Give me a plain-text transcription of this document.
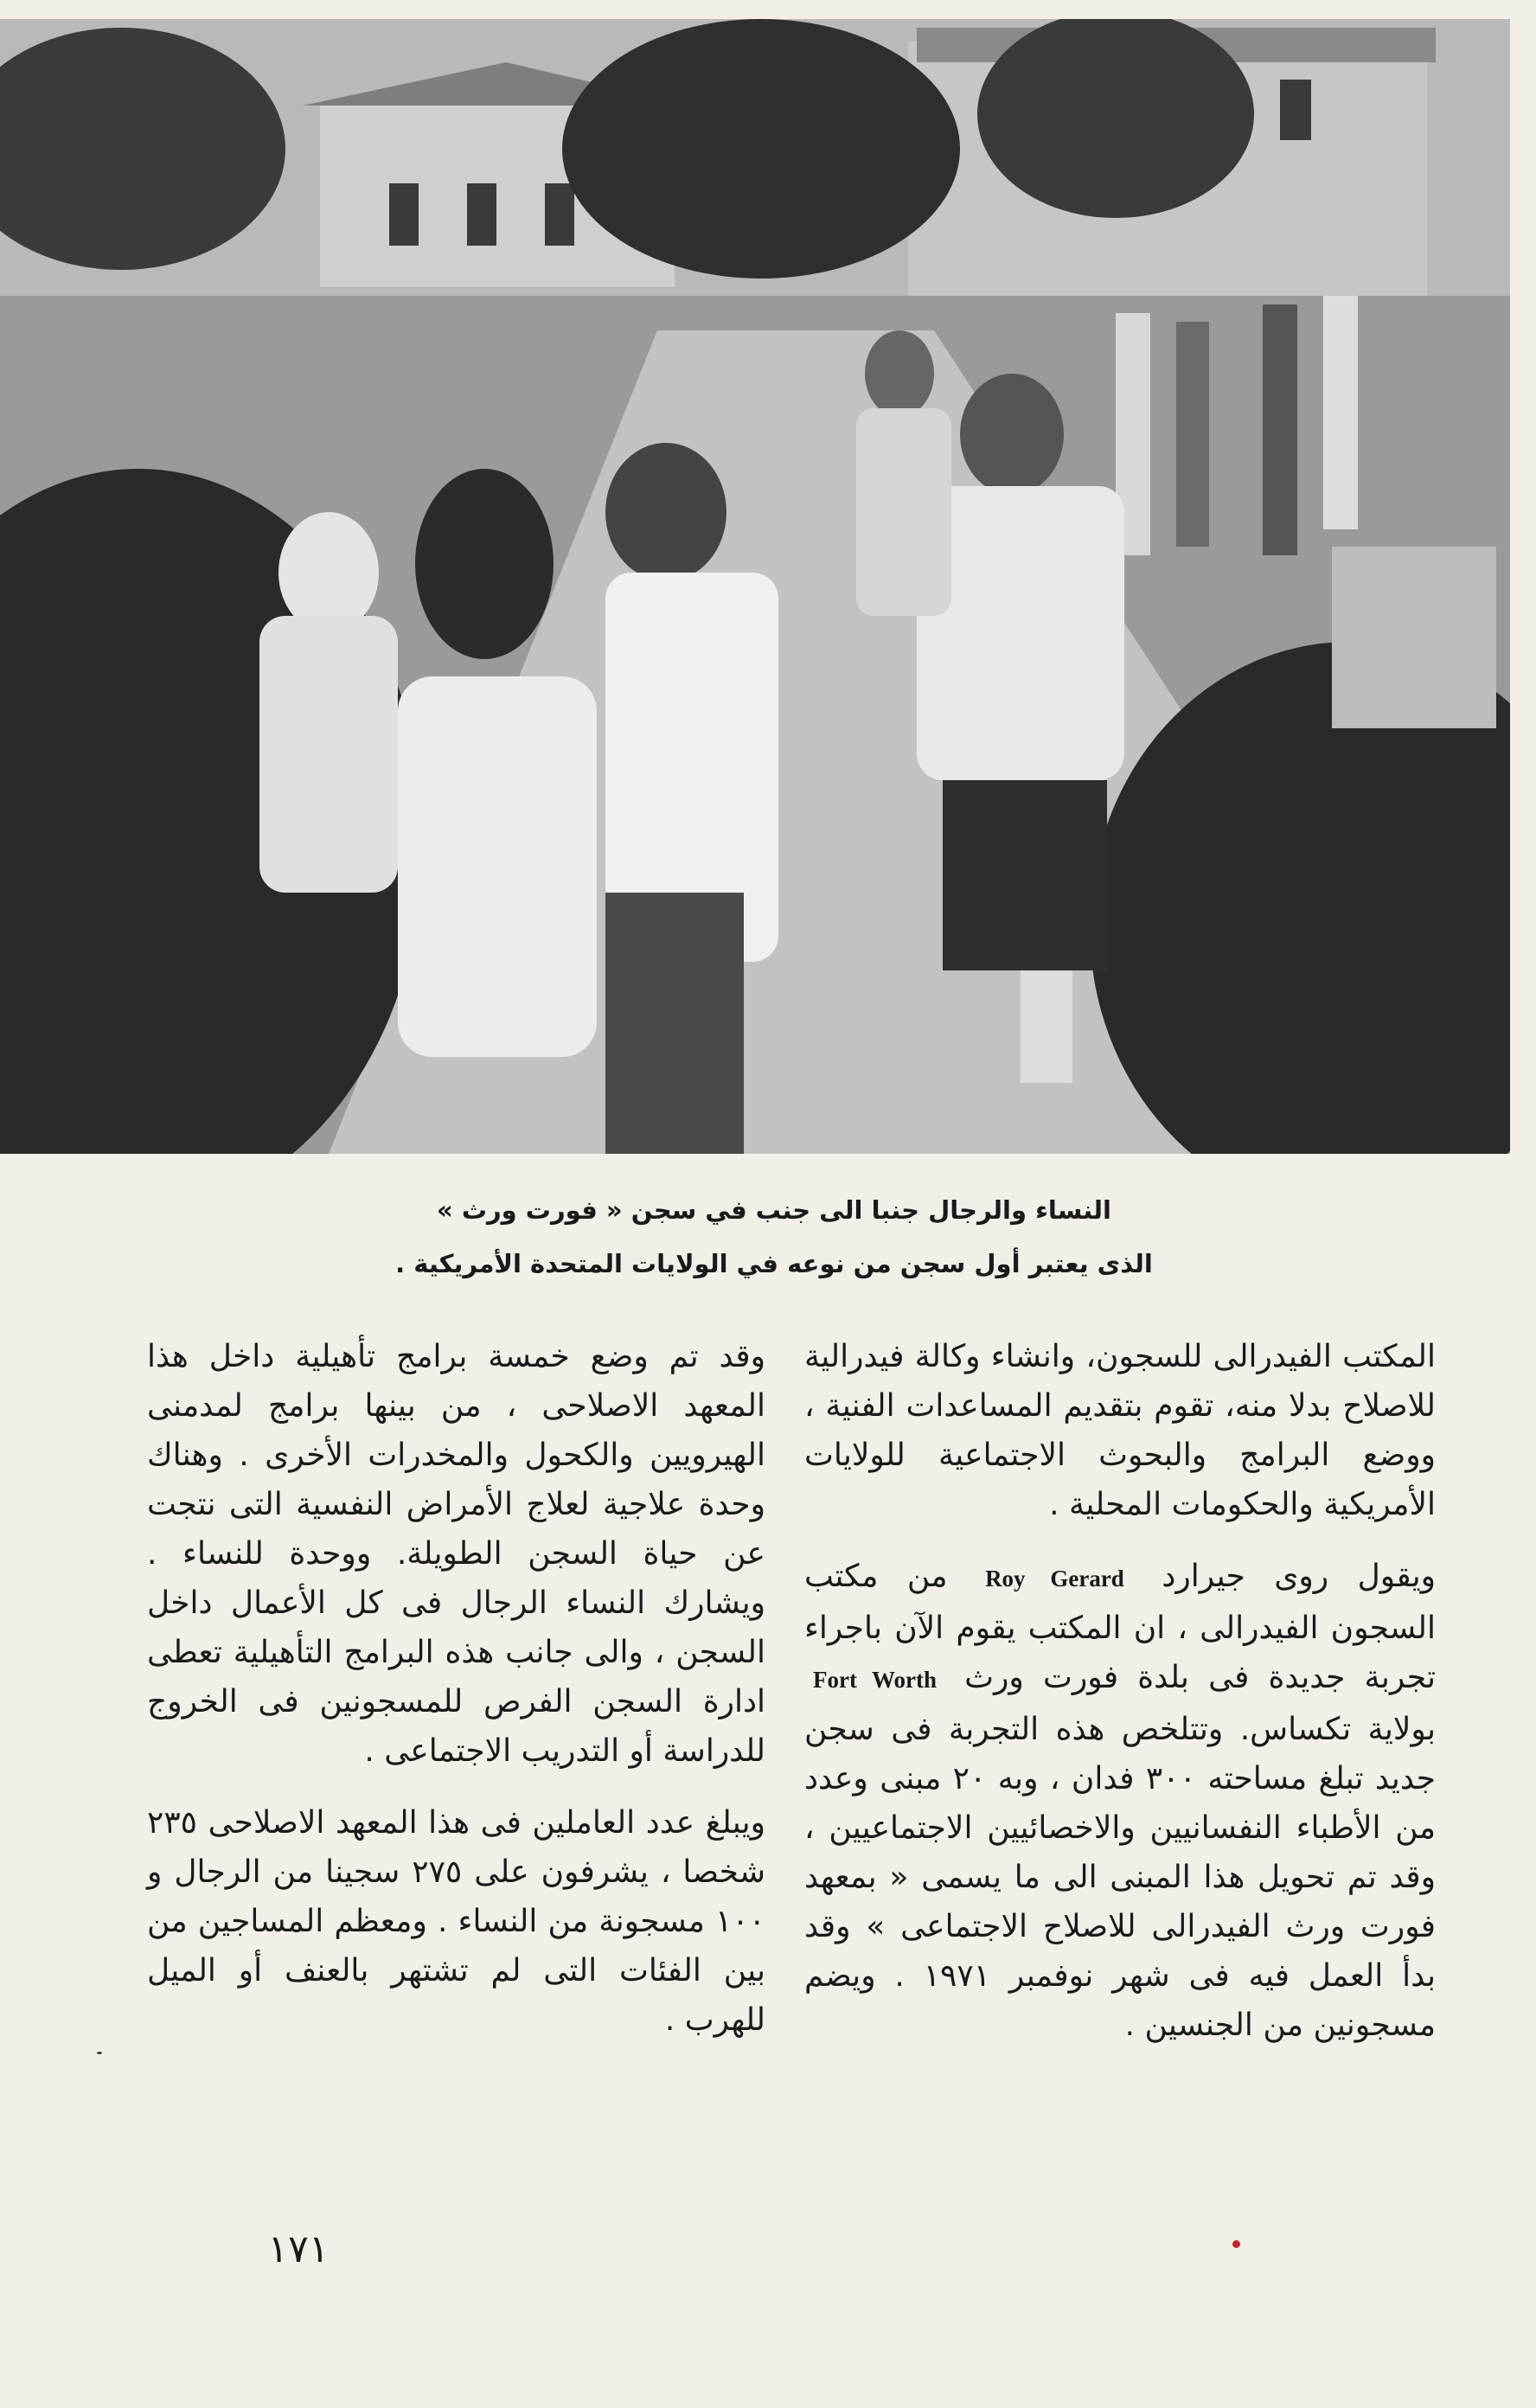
النساء والرجال جنبا الى جنب في سجن « فورت ورث »
الذى يعتبر أول سجن من نوعه في الولايات المتحدة الأمريكية .

المكتب الفيدرالى للسجون، وانشاء وكالة فيدرالية للاصلاح بدلا منه، تقوم بتقديم المساعدات الفنية ، ووضع البرامج والبحوث الاجتماعية للولايات الأمريكية والحكومات المحلية .

ويقول روى جيرارد Roy Gerard من مكتب السجون الفيدرالى ، ان المكتب يقوم الآن باجراء تجربة جديدة فى بلدة فورت ورث Fort Worth بولاية تكساس. وتتلخص هذه التجربة فى سجن جديد تبلغ مساحته ٣٠٠ فدان ، وبه ٢٠ مبنى وعدد من الأطباء النفسانيين والاخصائيين الاجتماعيين ، وقد تم تحويل هذا المبنى الى ما يسمى « بمعهد فورت ورث الفيدرالى للاصلاح الاجتماعى » وقد بدأ العمل فيه فى شهر نوفمبر ١٩٧١ . ويضم مسجونين من الجنسين .

وقد تم وضع خمسة برامج تأهيلية داخل هذا المعهد الاصلاحى ، من بينها برامج لمدمنى الهيرويين والكحول والمخدرات الأخرى . وهناك وحدة علاجية لعلاج الأمراض النفسية التى نتجت عن حياة السجن الطويلة. ووحدة للنساء . ويشارك النساء الرجال فى كل الأعمال داخل السجن ، والى جانب هذه البرامج التأهيلية تعطى ادارة السجن الفرص للمسجونين فى الخروج للدراسة أو التدريب الاجتماعى .

ويبلغ عدد العاملين فى هذا المعهد الاصلاحى ٢٣٥ شخصا ، يشرفون على ٢٧٥ سجينا من الرجال و ١٠٠ مسجونة من النساء . ومعظم المساجين من بين الفئات التى لم تشتهر بالعنف أو الميل للهرب .

١٧١
